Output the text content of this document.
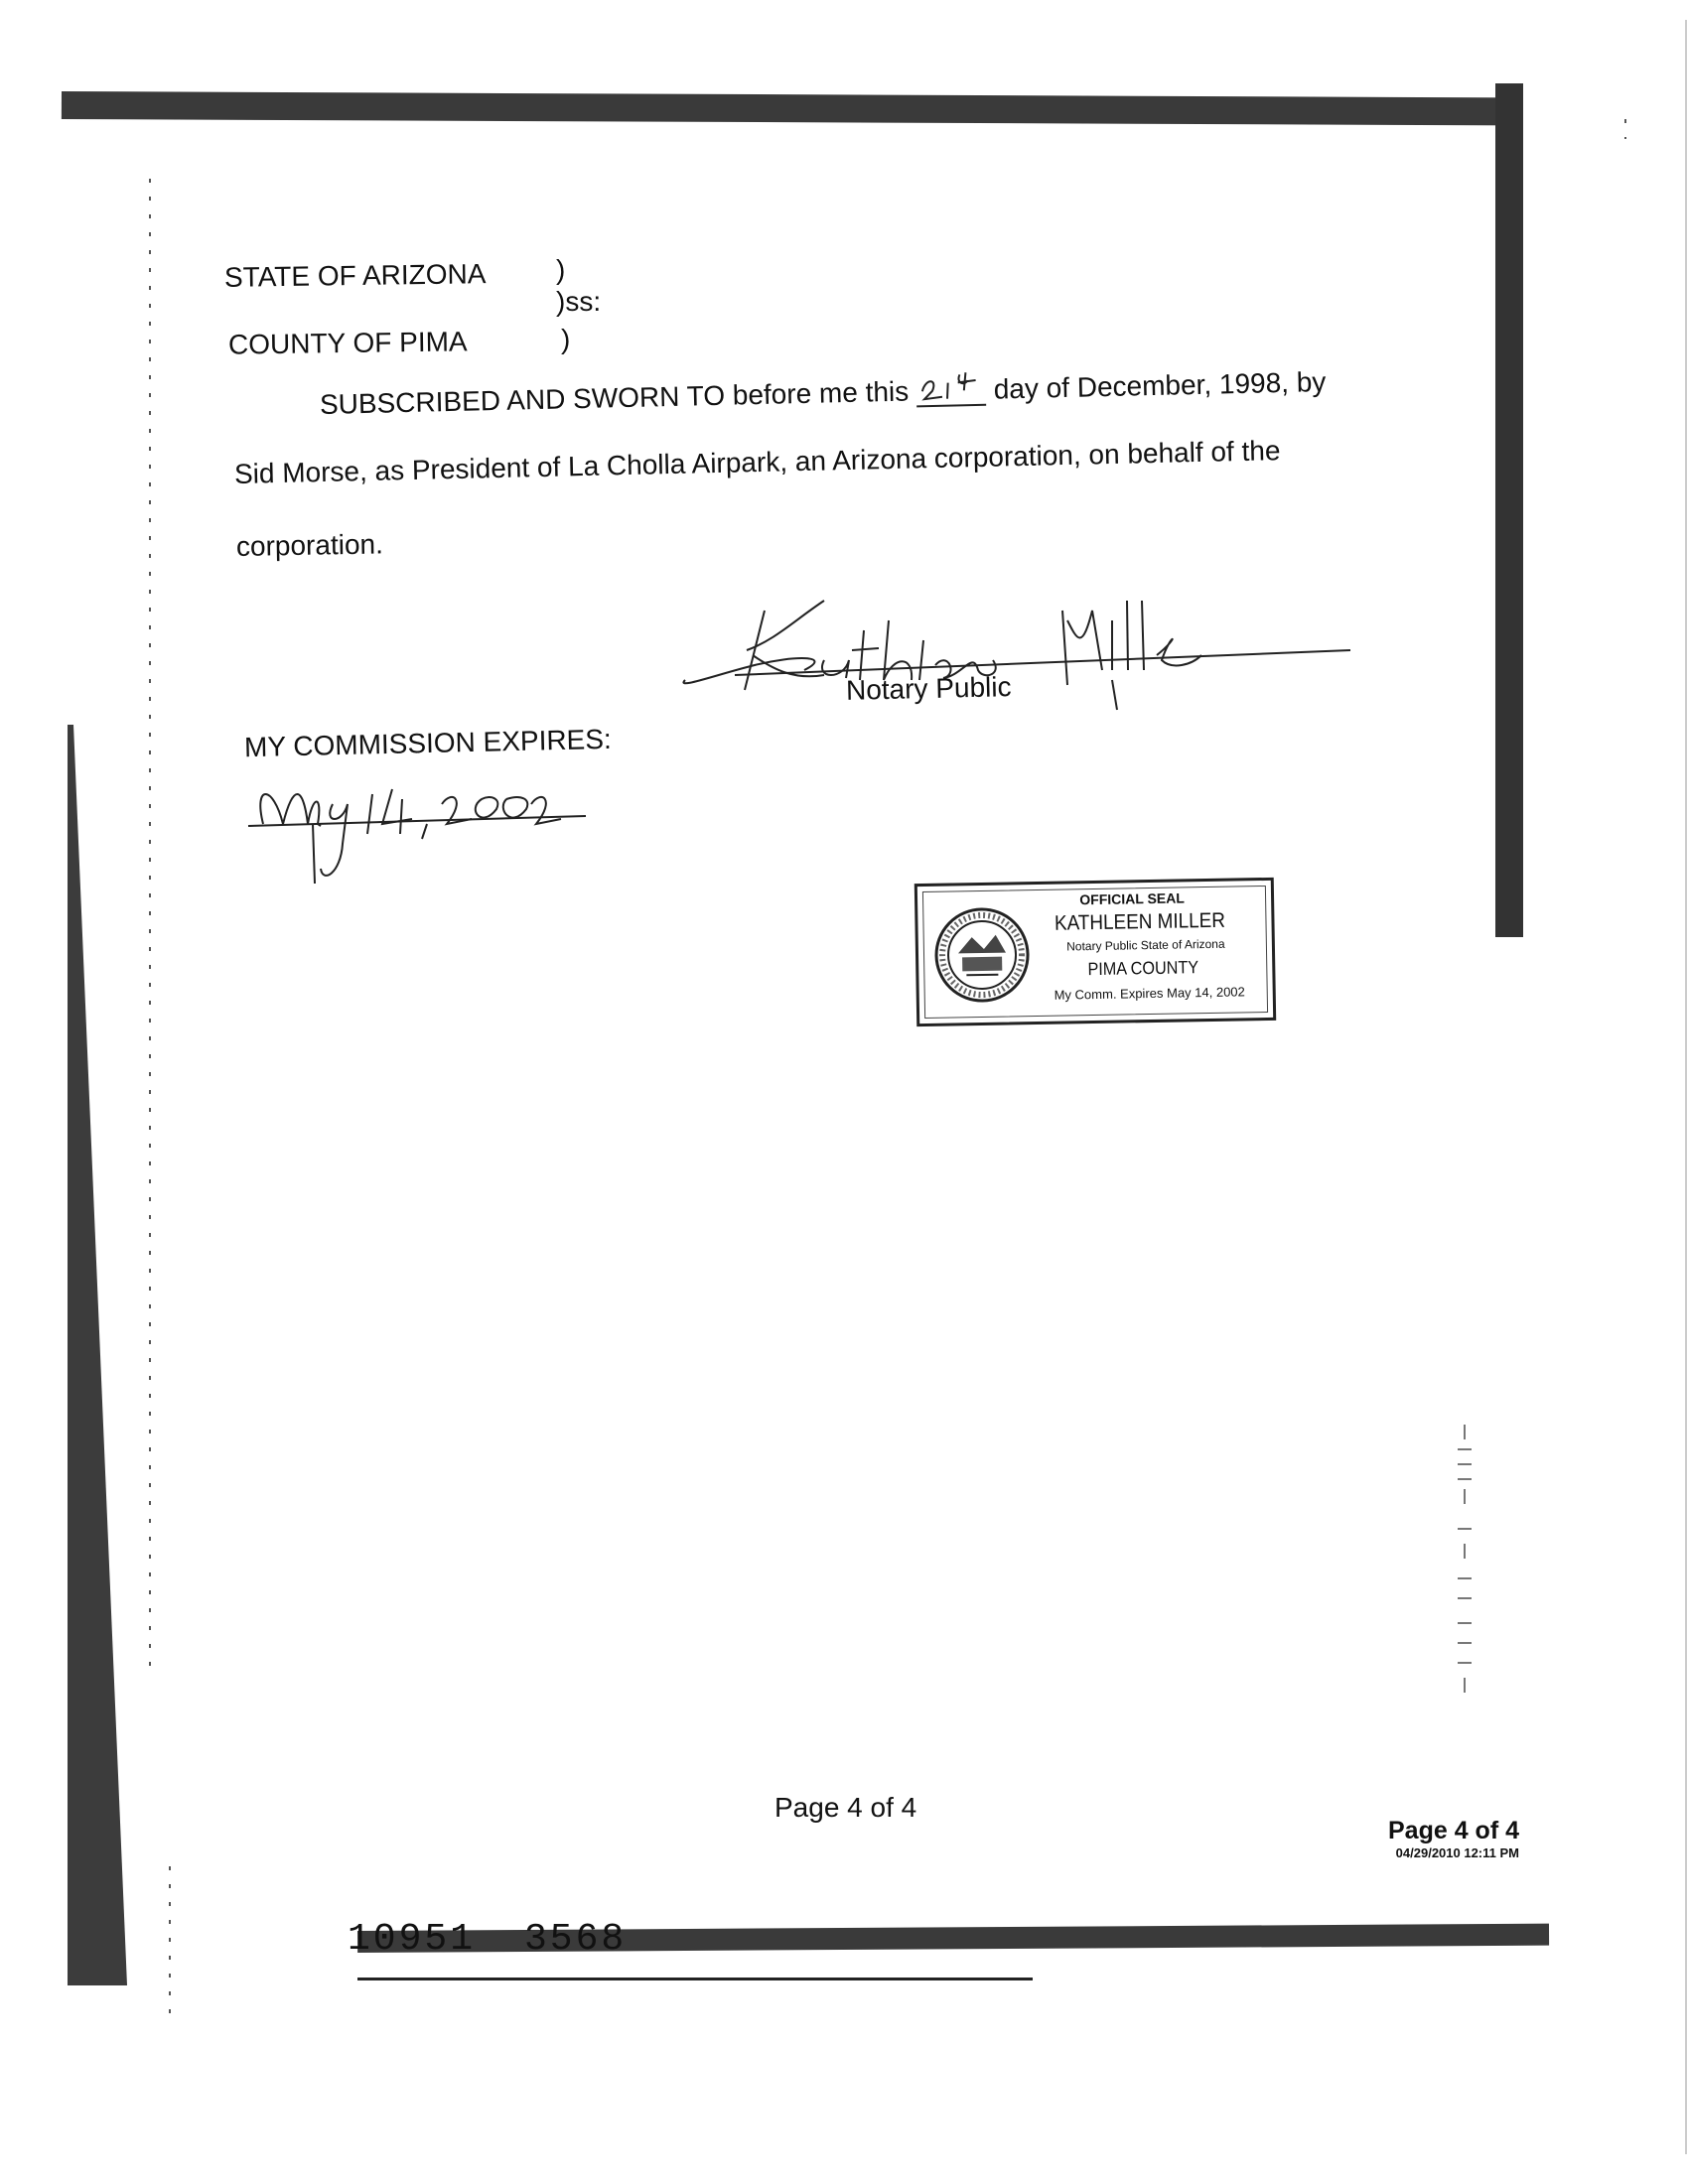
STATE OF ARIZONA	)
)ss:
COUNTY OF PIMA	)
SUBSCRIBED AND SWORN TO before me this	day of December, 1998, by
Sid Morse, as President of La Cholla Airpark, an Arizona corporation, on behalf of the
corporation.
Notary Public
MY COMMISSION EXPIRES:
OFFICIAL SEAL
KATHLEEN MILLER
Notary Public State of Arizona
PIMA COUNTY
My Comm. Expires May 14, 2002
Page 4 of 4
Page 4 of 4
04/29/2010 12:11 PM
10951 3568
